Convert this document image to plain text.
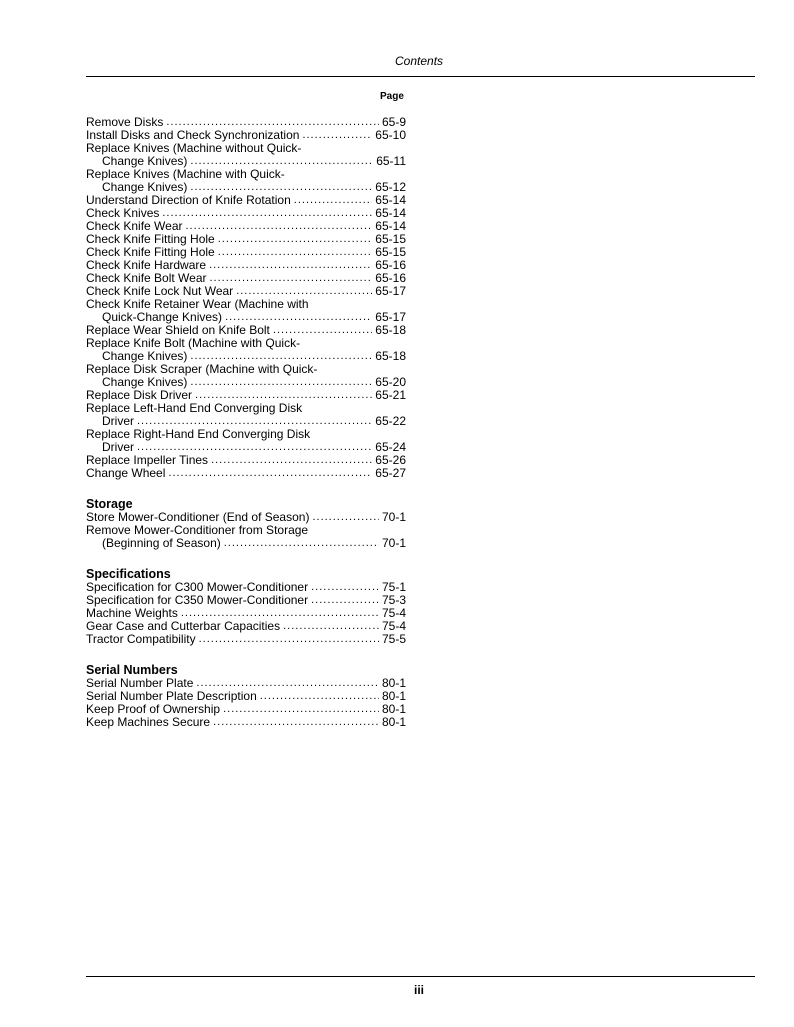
Contents
Page
Remove Disks .....	65-9
Install Disks and Check Synchronization .....	65-10
Replace Knives (Machine without Quick-
Change Knives) .....	65-11
Replace Knives (Machine with Quick-
Change Knives) .....	65-12
Understand Direction of Knife Rotation .....	65-14
Check Knives .....	65-14
Check Knife Wear .....	65-14
Check Knife Fitting Hole .....	65-15
Check Knife Fitting Hole .....	65-15
Check Knife Hardware .....	65-16
Check Knife Bolt Wear .....	65-16
Check Knife Lock Nut Wear .....	65-17
Check Knife Retainer Wear (Machine with
Quick-Change Knives) .....	65-17
Replace Wear Shield on Knife Bolt .....	65-18
Replace Knife Bolt (Machine with Quick-
Change Knives) .....	65-18
Replace Disk Scraper (Machine with Quick-
Change Knives) .....	65-20
Replace Disk Driver .....	65-21
Replace Left-Hand End Converging Disk
Driver .....	65-22
Replace Right-Hand End Converging Disk
Driver .....	65-24
Replace Impeller Tines .....	65-26
Change Wheel .....	65-27
Storage
Store Mower-Conditioner (End of Season) .....	70-1
Remove Mower-Conditioner from Storage
(Beginning of Season) .....	70-1
Specifications
Specification for C300 Mower-Conditioner .....	75-1
Specification for C350 Mower-Conditioner .....	75-3
Machine Weights .....	75-4
Gear Case and Cutterbar Capacities .....	75-4
Tractor Compatibility .....	75-5
Serial Numbers
Serial Number Plate .....	80-1
Serial Number Plate Description .....	80-1
Keep Proof of Ownership .....	80-1
Keep Machines Secure .....	80-1
iii
